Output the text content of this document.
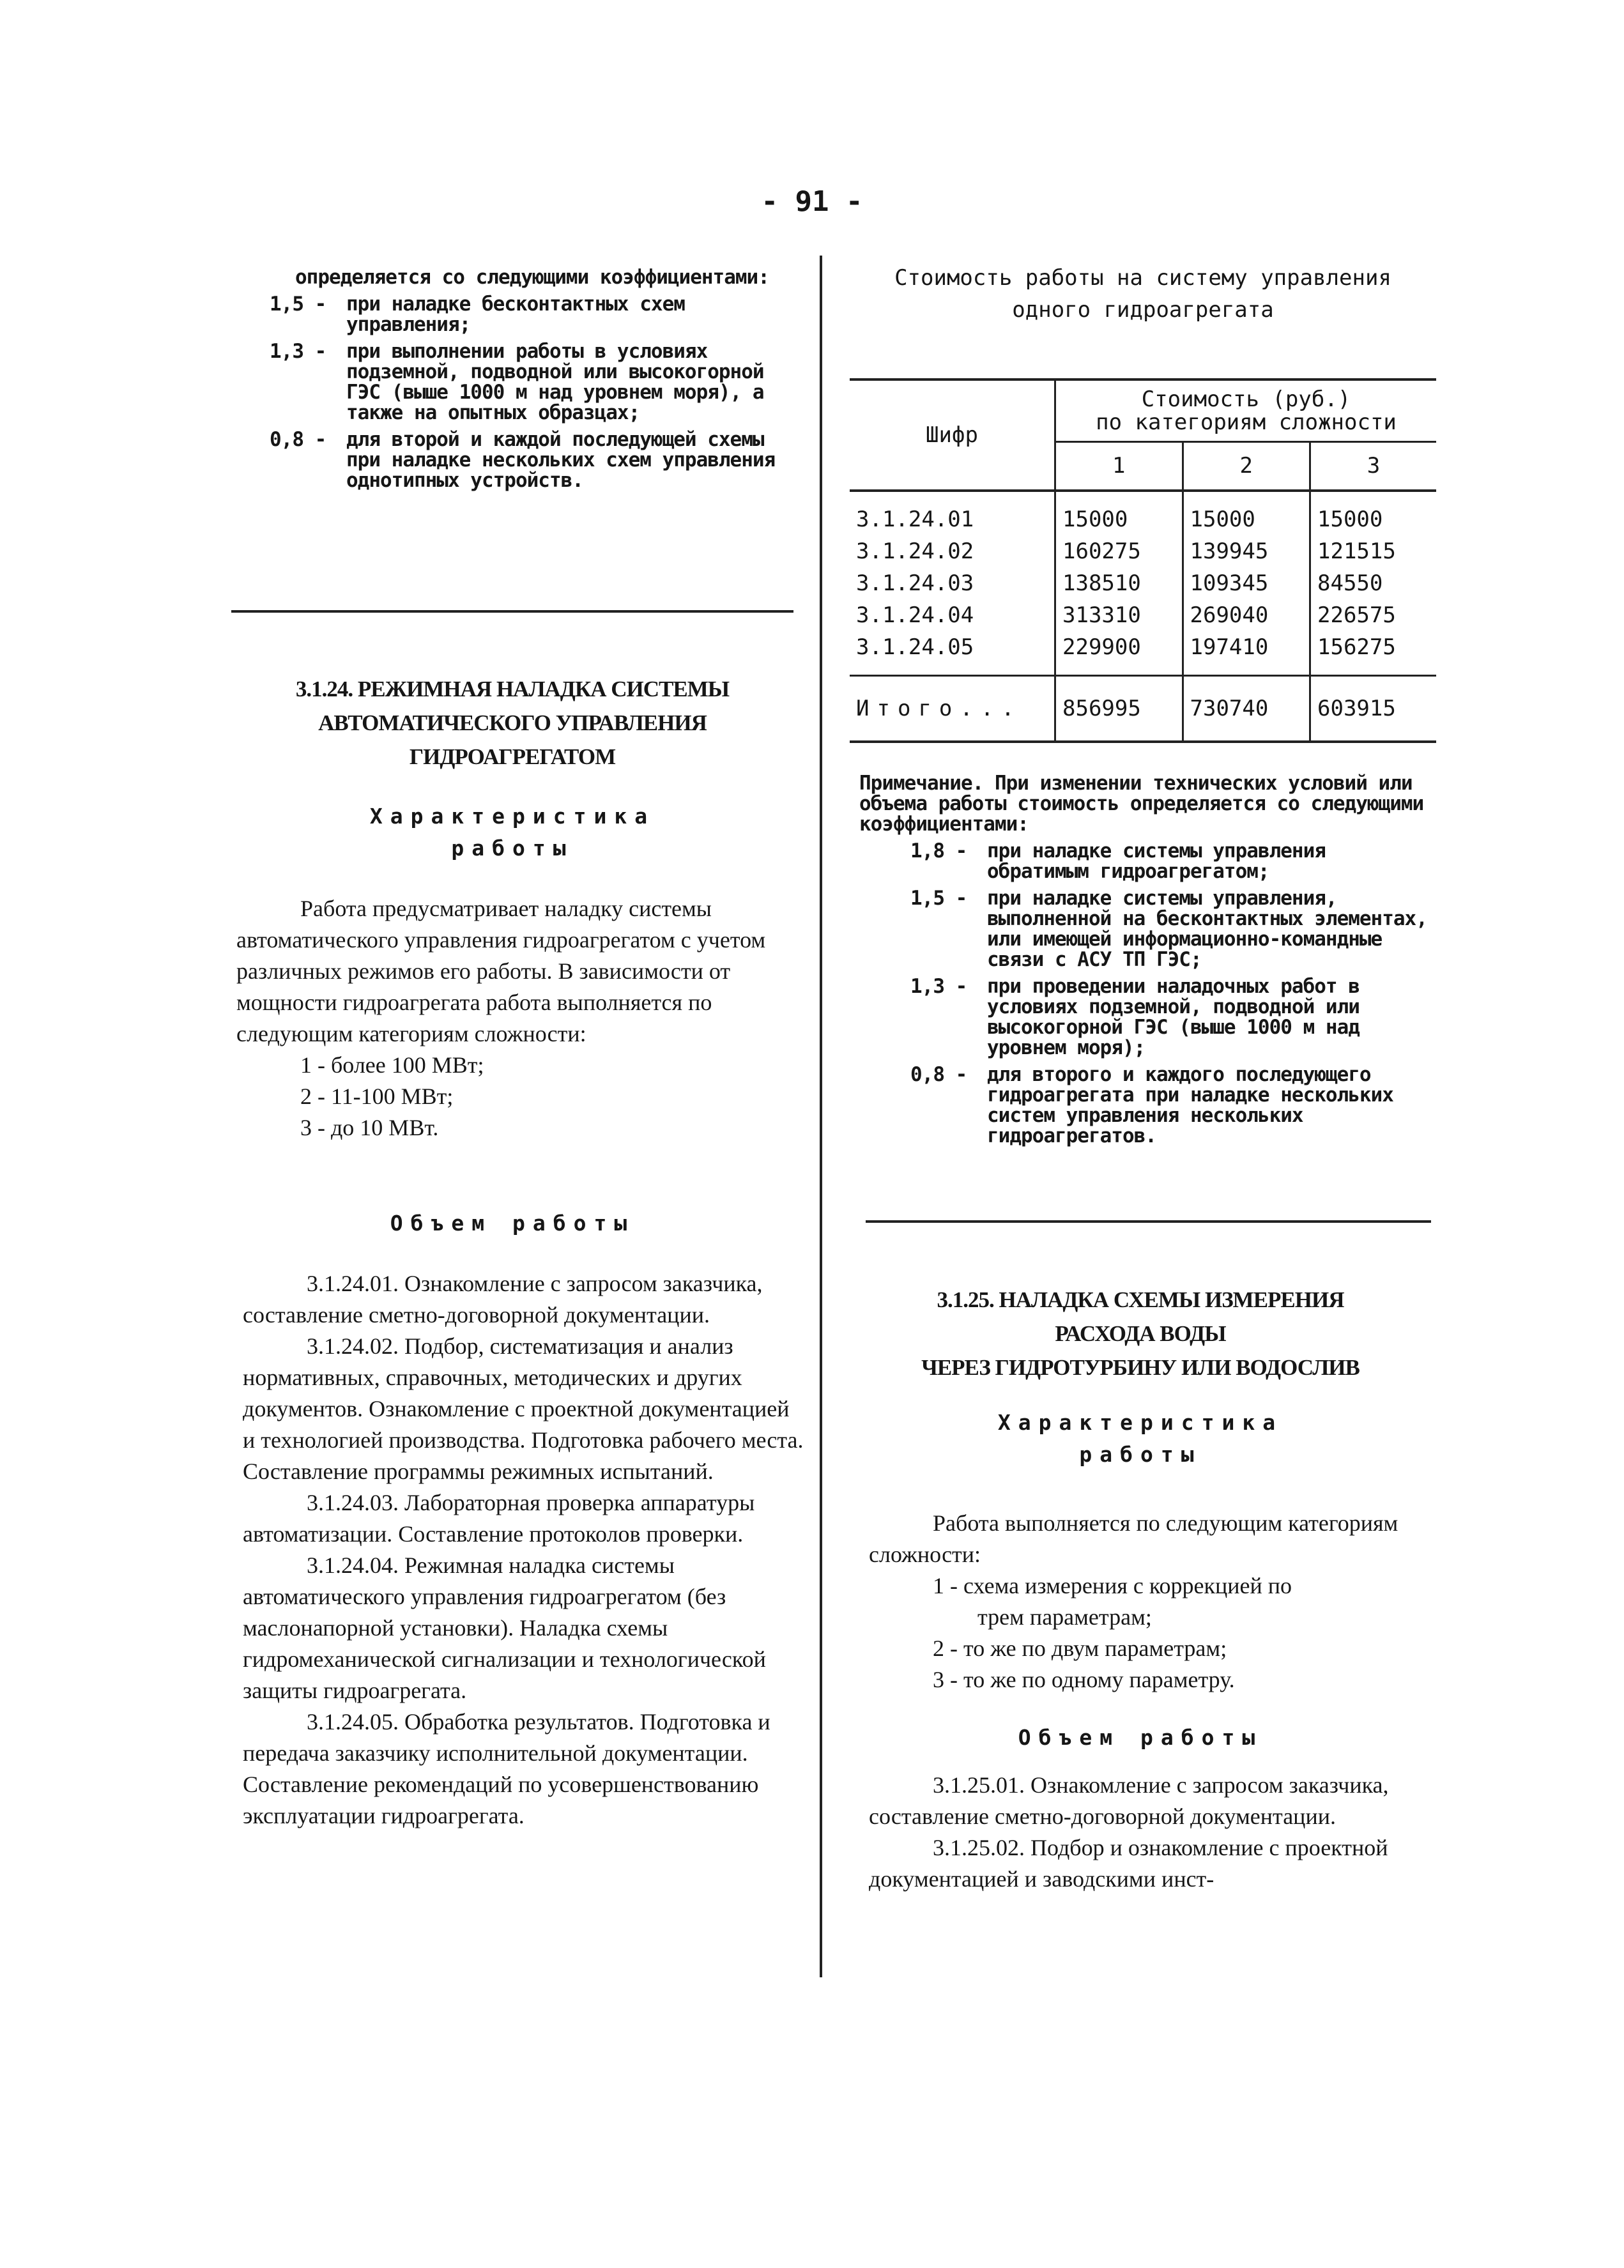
- 91 -
определяется со следующими коэффициентами:
1,5 -	при наладке бесконтактных схем управления;
1,3 -	при выполнении работы в условиях подземной, подводной или высокогорной ГЭС (выше 1000 м над уровнем моря), а также на опытных образцах;
0,8 -	для второй и каждой последующей схемы при наладке нескольких схем управления однотипных устройств.
3.1.24. РЕЖИМНАЯ НАЛАДКА СИСТЕМЫ
АВТОМАТИЧЕСКОГО УПРАВЛЕНИЯ
ГИДРОАГРЕГАТОМ
Характеристика
работы
Работа предусматривает наладку системы автоматического управления гидроагрегатом с учетом различных режимов его работы. В зависимости от мощности гидроагрегата работа выполняется по следующим категориям сложности:
1 - более 100 МВт;
2 - 11-100 МВт;
3 - до 10 МВт.
Объем работы
3.1.24.01. Ознакомление с запросом заказчика, составление сметно-договорной документации.
3.1.24.02. Подбор, систематизация и анализ нормативных, справочных, методических и других документов. Ознакомление с проектной документацией и технологией производства. Подготовка рабочего места. Составление программы режимных испытаний.
3.1.24.03. Лабораторная проверка аппаратуры автоматизации. Составление протоколов проверки.
3.1.24.04. Режимная наладка системы автоматического управления гидроагрегатом (без маслонапорной установки). Наладка схемы гидромеханической сигнализации и технологической защиты гидроагрегата.
3.1.24.05. Обработка результатов. Подготовка и передача заказчику исполнительной документации. Составление рекомендаций по усовершенствованию эксплуатации гидроагрегата.
Стоимость работы на систему управления
одного гидроагрегата
Шифр	Стоимость (руб.)
по категориям сложности		

	1	2	3
3.1.24.01	15000	15000	15000
3.1.24.02	160275	139945	121515
3.1.24.03	138510	109345	84550
3.1.24.04	313310	269040	226575
3.1.24.05	229900	197410	156275
Итого...	856995	730740	603915
Примечание. При изменении технических условий или объема работы стоимость определяется со следующими коэффициентами:
1,8 -	при наладке системы управления обратимым гидроагрегатом;
1,5 -	при наладке системы управления, выполненной на бесконтактных элементах, или имеющей информационно-командные связи с АСУ ТП ГЭС;
1,3 -	при проведении наладочных работ в условиях подземной, подводной или высокогорной ГЭС (выше 1000 м над уровнем моря);
0,8 -	для второго и каждого последующего гидроагрегата при наладке нескольких систем управления нескольких гидроагрегатов.
3.1.25. НАЛАДКА СХЕМЫ ИЗМЕРЕНИЯ
РАСХОДА ВОДЫ
ЧЕРЕЗ ГИДРОТУРБИНУ ИЛИ ВОДОСЛИВ
Характеристика
работы
Работа выполняется по следующим категориям сложности:
1 - схема измерения с коррекцией по
трем параметрам;
2 - то же по двум параметрам;
3 - то же по одному параметру.
Объем работы
3.1.25.01. Ознакомление с запросом заказчика, составление сметно-договорной документации.
3.1.25.02. Подбор и ознакомление с проектной документацией и заводскими инст-
